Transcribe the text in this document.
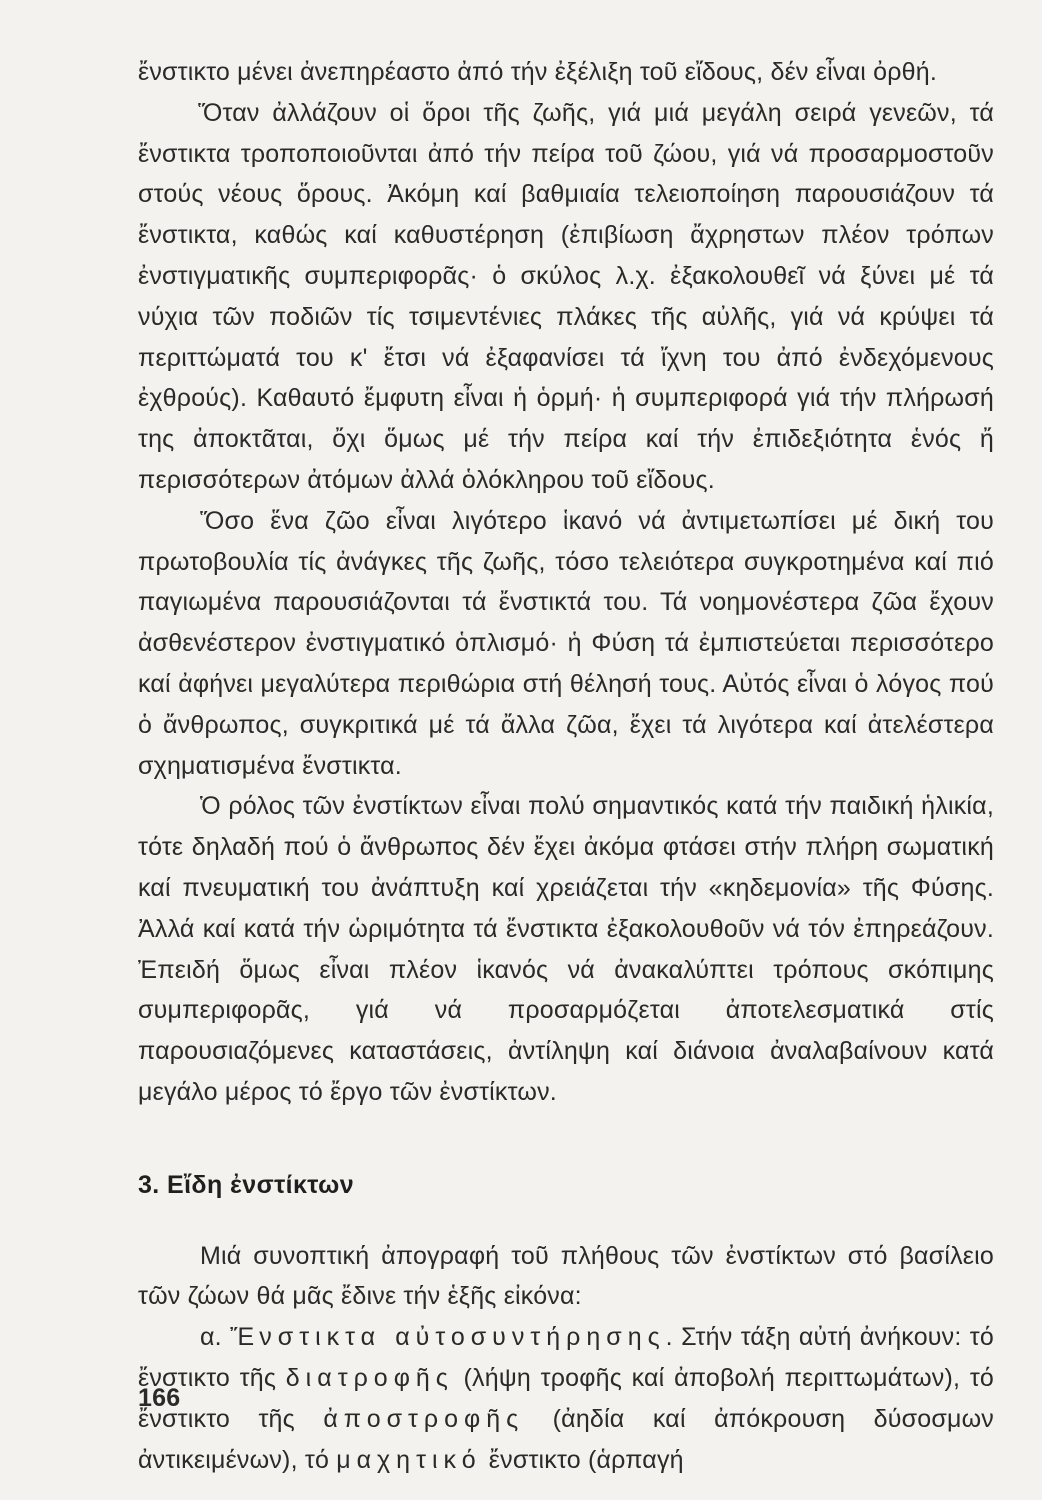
ἔνστικτο μένει ἀνεπηρέαστο ἀπό τήν ἐξέλιξη τοῦ εἴδους, δέν εἶναι ὀρθή.

Ὅταν ἀλλάζουν οἱ ὅροι τῆς ζωῆς, γιά μιά μεγάλη σειρά γενεῶν, τά ἔνστικτα τροποποιοῦνται ἀπό τήν πείρα τοῦ ζώου, γιά νά προσαρμοστοῦν στούς νέους ὅρους. Ἀκόμη καί βαθμιαία τελειοποίηση παρουσιάζουν τά ἔνστικτα, καθώς καί καθυστέρηση (ἐπιβίωση ἄχρηστων πλέον τρόπων ἐνστιγματικῆς συμπεριφορᾶς· ὁ σκύλος λ.χ. ἐξακολουθεῖ νά ξύνει μέ τά νύχια τῶν ποδιῶν τίς τσιμεντένιες πλάκες τῆς αὐλῆς, γιά νά κρύψει τά περιττώματά του κ' ἔτσι νά ἐξαφανίσει τά ἴχνη του ἀπό ἐνδεχόμενους ἐχθρούς). Καθαυτό ἔμφυτη εἶναι ἡ ὁρμή· ἡ συμπεριφορά γιά τήν πλήρωσή της ἀποκτᾶται, ὄχι ὅμως μέ τήν πείρα καί τήν ἐπιδεξιότητα ἑνός ἤ περισσότερων ἀτόμων ἀλλά ὁλόκληρου τοῦ εἴδους.

Ὅσο ἕνα ζῶο εἶναι λιγότερο ἱκανό νά ἀντιμετωπίσει μέ δική του πρωτοβουλία τίς ἀνάγκες τῆς ζωῆς, τόσο τελειότερα συγκροτημένα καί πιό παγιωμένα παρουσιάζονται τά ἔνστικτά του. Τά νοημονέστερα ζῶα ἔχουν ἀσθενέστερον ἐνστιγματικό ὁπλισμό· ἡ Φύση τά ἐμπιστεύεται περισσότερο καί ἀφήνει μεγαλύτερα περιθώρια στή θέλησή τους. Αὐτός εἶναι ὁ λόγος πού ὁ ἄνθρωπος, συγκριτικά μέ τά ἄλλα ζῶα, ἔχει τά λιγότερα καί ἀτελέστερα σχηματισμένα ἔνστικτα.

Ὁ ρόλος τῶν ἐνστίκτων εἶναι πολύ σημαντικός κατά τήν παιδική ἡλικία, τότε δηλαδή πού ὁ ἄνθρωπος δέν ἔχει ἀκόμα φτάσει στήν πλήρη σωματική καί πνευματική του ἀνάπτυξη καί χρειάζεται τήν «κηδεμονία» τῆς Φύσης. Ἀλλά καί κατά τήν ὡριμότητα τά ἔνστικτα ἐξακολουθοῦν νά τόν ἐπηρεάζουν. Ἐπειδή ὅμως εἶναι πλέον ἱκανός νά ἀνακαλύπτει τρόπους σκόπιμης συμπεριφορᾶς, γιά νά προσαρμόζεται ἀποτελεσματικά στίς παρουσιαζόμενες καταστάσεις, ἀντίληψη καί διάνοια ἀναλαβαίνουν κατά μεγάλο μέρος τό ἔργο τῶν ἐνστίκτων.

3. Εἴδη ἐνστίκτων

Μιά συνοπτική ἀπογραφή τοῦ πλήθους τῶν ἐνστίκτων στό βασίλειο τῶν ζώων θά μᾶς ἔδινε τήν ἑξῆς εἰκόνα:

α. Ἔνστικτα αὐτοσυντήρησης. Στήν τάξη αὐτή ἀνήκουν: τό ἔνστικτο τῆς διατροφῆς (λήψη τροφῆς καί ἀποβολή περιττωμάτων), τό ἔνστικτο τῆς ἀποστροφῆς (ἀηδία καί ἀπόκρουση δύσοσμων ἀντικειμένων), τό μαχητικό ἔνστικτο (ἁρπαγή

166
